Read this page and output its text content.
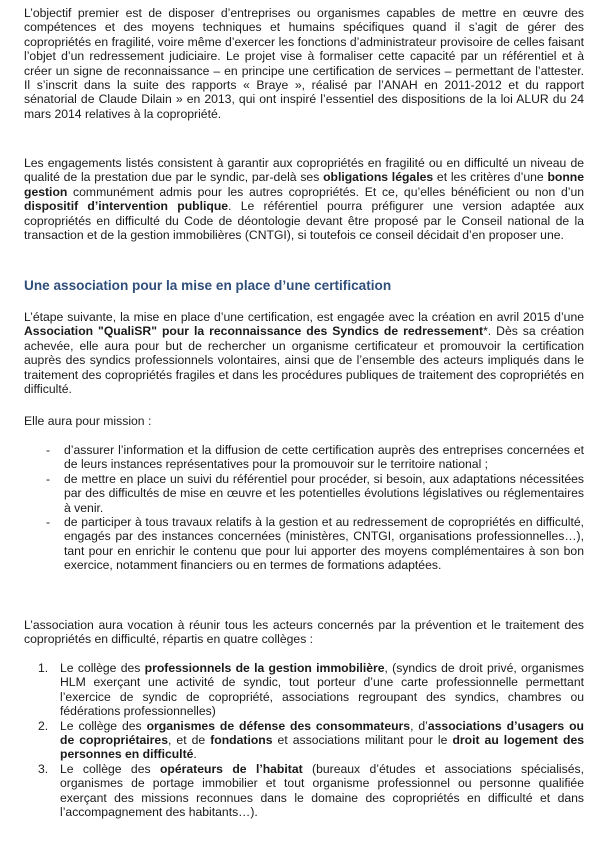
L’objectif premier est de disposer d’entreprises ou organismes capables de mettre en œuvre des compétences et des moyens techniques et humains spécifiques quand il s’agit de gérer des copropriétés en fragilité, voire même d’exercer les fonctions d’administrateur provisoire de celles faisant l’objet d’un redressement judiciaire. Le projet vise à formaliser cette capacité par un référentiel et à créer un signe de reconnaissance – en principe une certification de services – permettant de l’attester. Il s’inscrit dans la suite des rapports « Braye », réalisé par l’ANAH en 2011-2012 et du rapport sénatorial de Claude Dilain » en 2013, qui ont inspiré l’essentiel des dispositions de la loi ALUR du 24 mars 2014 relatives à la copropriété.

Les engagements listés consistent à garantir aux copropriétés en fragilité ou en difficulté un niveau de qualité de la prestation due par le syndic, par-delà ses obligations légales et les critères d’une bonne gestion communément admis pour les autres copropriétés. Et ce, qu’elles bénéficient ou non d’un dispositif d’intervention publique. Le référentiel pourra préfigurer une version adaptée aux copropriétés en difficulté du Code de déontologie devant être proposé par le Conseil national de la transaction et de la gestion immobilières (CNTGI), si toutefois ce conseil décidait d’en proposer une.

Une association pour la mise en place d’une certification

L’étape suivante, la mise en place d’une certification, est engagée avec la création en avril 2015 d’une Association "QualiSR" pour la reconnaissance des Syndics de redressement*. Dès sa création achevée, elle aura pour but de rechercher un organisme certificateur et promouvoir la certification auprès des syndics professionnels volontaires, ainsi que de l’ensemble des acteurs impliqués dans le traitement des copropriétés fragiles et dans les procédures publiques de traitement des copropriétés en difficulté.

Elle aura pour mission :

- d’assurer l’information et la diffusion de cette certification auprès des entreprises concernées et de leurs instances représentatives pour la promouvoir sur le territoire national ;
- de mettre en place un suivi du référentiel pour procéder, si besoin, aux adaptations nécessitées par des difficultés de mise en œuvre et les potentielles évolutions législatives ou réglementaires à venir.
- de participer à tous travaux relatifs à la gestion et au redressement de copropriétés en difficulté, engagés par des instances concernées (ministères, CNTGI, organisations professionnelles…), tant pour en enrichir le contenu que pour lui apporter des moyens complémentaires à son bon exercice, notamment financiers ou en termes de formations adaptées.

L’association aura vocation à réunir tous les acteurs concernés par la prévention et le traitement des copropriétés en difficulté, répartis en quatre collèges :

1. Le collège des professionnels de la gestion immobilière, (syndics de droit privé, organismes HLM exerçant une activité de syndic, tout porteur d’une carte professionnelle permettant l’exercice de syndic de copropriété, associations regroupant des syndics, chambres ou fédérations professionnelles)
2. Le collège des organismes de défense des consommateurs, d’associations d’usagers ou de copropriétaires, et de fondations et associations militant pour le droit au logement des personnes en difficulté.
3. Le collège des opérateurs de l’habitat (bureaux d’études et associations spécialisés, organismes de portage immobilier et tout organisme professionnel ou personne qualifiée exerçant des missions reconnues dans le domaine des copropriétés en difficulté et dans l’accompagnement des habitants…).
